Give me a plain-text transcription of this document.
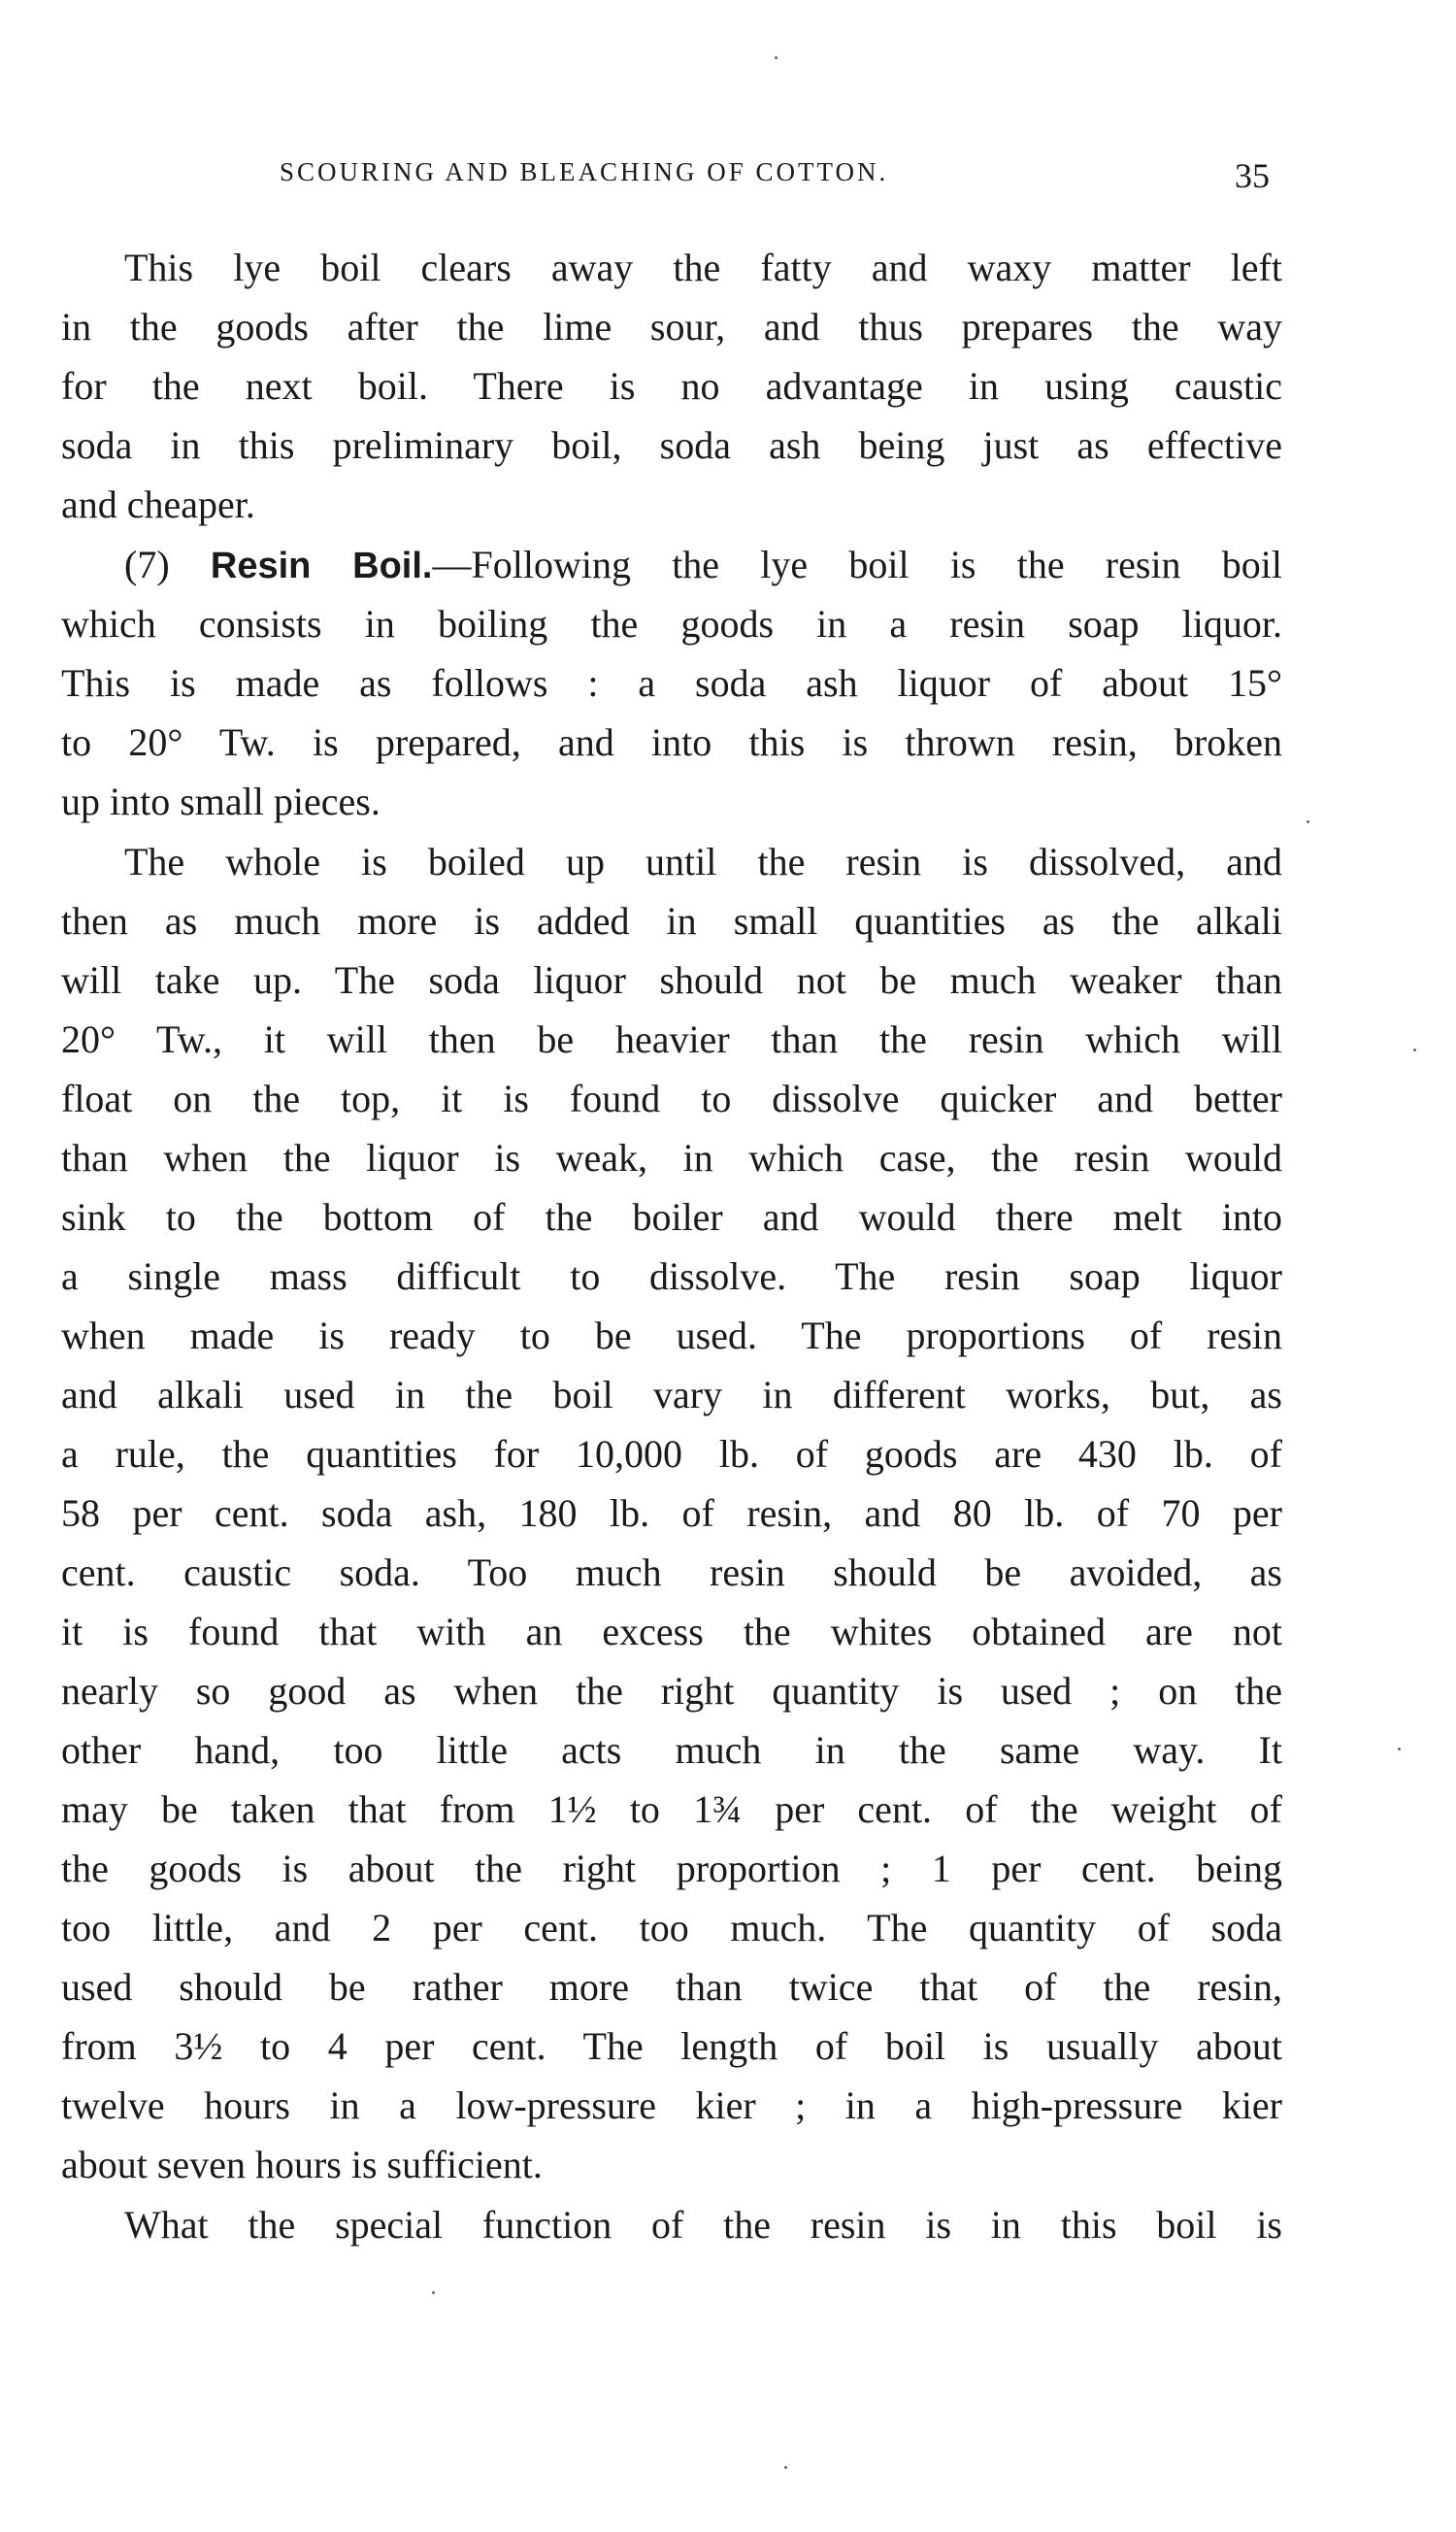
SCOURING AND BLEACHING OF COTTON.	35
This lye boil clears away the fatty and waxy matter left
in the goods after the lime sour, and thus prepares the way
for the next boil. There is no advantage in using caustic
soda in this preliminary boil, soda ash being just as effective
and cheaper.
(7) Resin Boil.—Following the lye boil is the resin boil
which consists in boiling the goods in a resin soap liquor.
This is made as follows : a soda ash liquor of about 15°
to 20° Tw. is prepared, and into this is thrown resin, broken
up into small pieces.
The whole is boiled up until the resin is dissolved, and
then as much more is added in small quantities as the alkali
will take up. The soda liquor should not be much weaker than
20° Tw., it will then be heavier than the resin which will
float on the top, it is found to dissolve quicker and better
than when the liquor is weak, in which case, the resin would
sink to the bottom of the boiler and would there melt into
a single mass difficult to dissolve. The resin soap liquor
when made is ready to be used. The proportions of resin
and alkali used in the boil vary in different works, but, as
a rule, the quantities for 10,000 lb. of goods are 430 lb. of
58 per cent. soda ash, 180 lb. of resin, and 80 lb. of 70 per
cent. caustic soda. Too much resin should be avoided, as
it is found that with an excess the whites obtained are not
nearly so good as when the right quantity is used ; on the
other hand, too little acts much in the same way. It
may be taken that from 1½ to 1¾ per cent. of the weight of
the goods is about the right proportion ; 1 per cent. being
too little, and 2 per cent. too much. The quantity of soda
used should be rather more than twice that of the resin,
from 3½ to 4 per cent. The length of boil is usually about
twelve hours in a low-pressure kier ; in a high-pressure kier
about seven hours is sufficient.
What the special function of the resin is in this boil is
